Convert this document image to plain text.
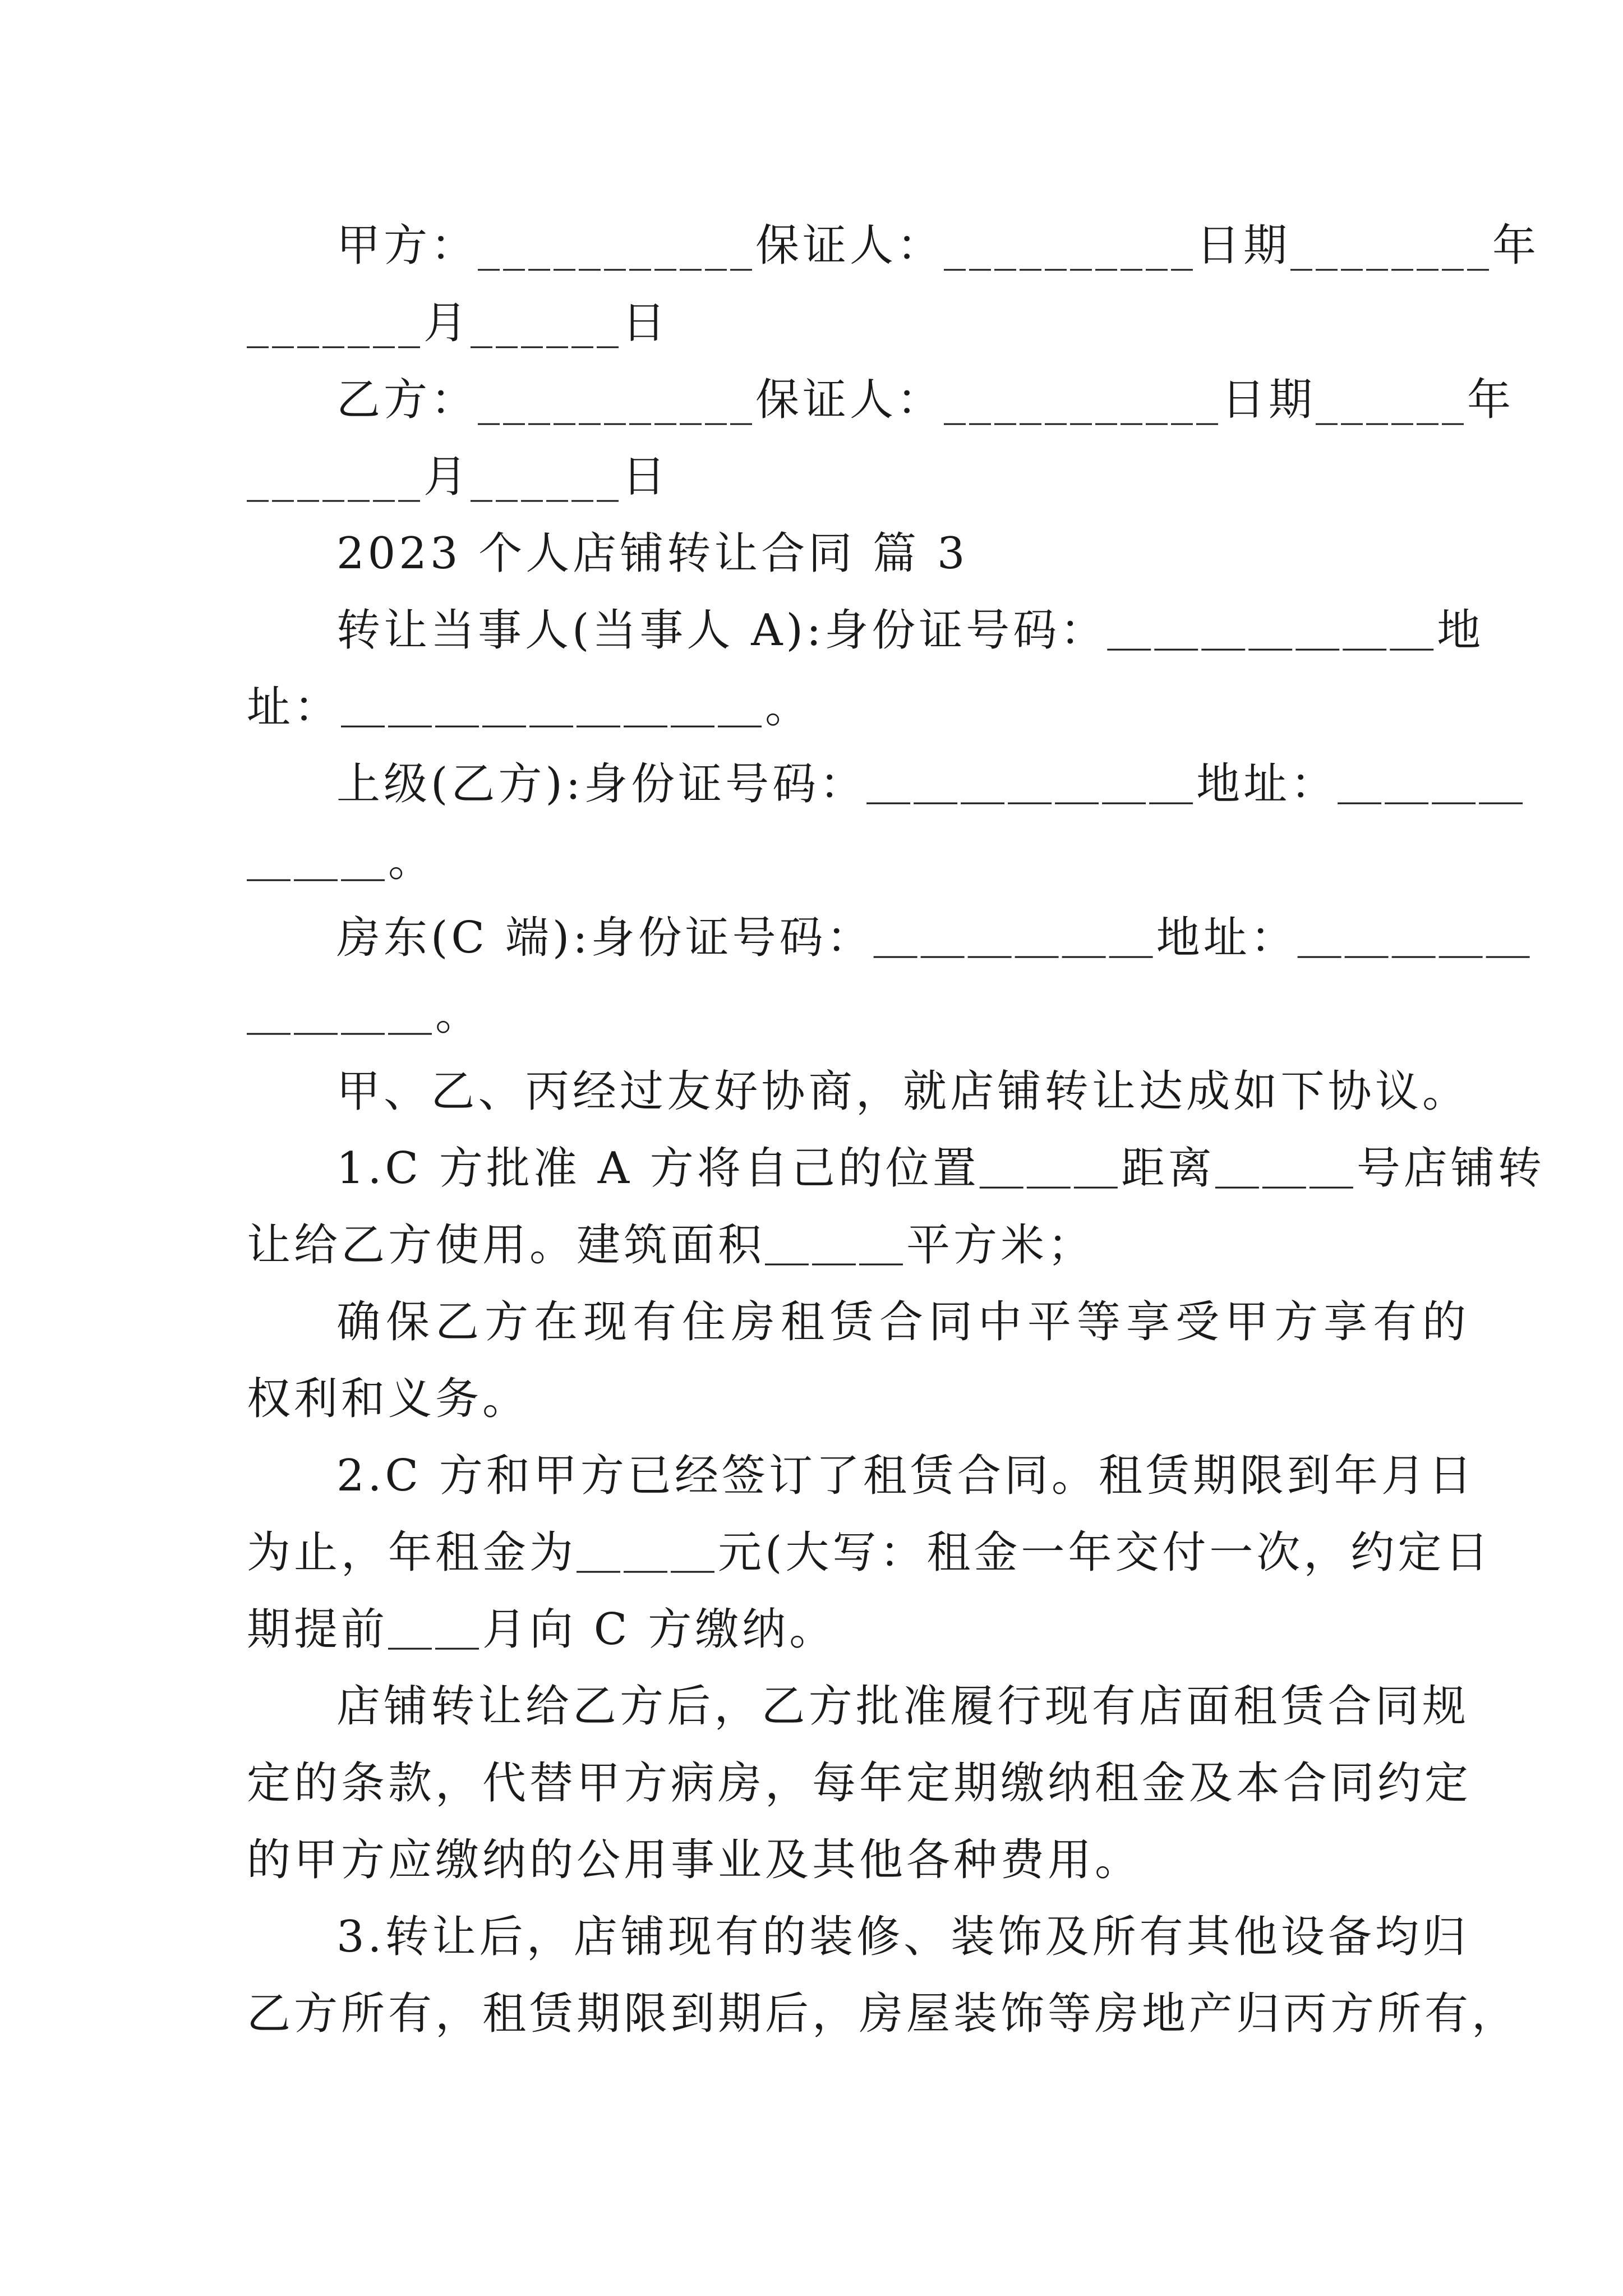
甲方：___________保证人：__________日期________年
_______月______日
乙方：___________保证人：___________日期______年
_______月______日
2023 个人店铺转让合同 篇 3
转让当事人(当事人 A):身份证号码：＿＿＿＿＿＿＿地
址：＿＿＿＿＿＿＿＿＿。
上级(乙方):身份证号码：＿＿＿＿＿＿＿地址：＿＿＿＿
＿＿＿。
房东(C 端):身份证号码：＿＿＿＿＿＿地址：＿＿＿＿＿
＿＿＿＿。
甲、乙、丙经过友好协商，就店铺转让达成如下协议。
1.C 方批准 A 方将自己的位置＿＿＿距离＿＿＿号店铺转
让给乙方使用。建筑面积＿＿＿平方米；
确保乙方在现有住房租赁合同中平等享受甲方享有的
权利和义务。
2.C 方和甲方已经签订了租赁合同。租赁期限到年月日
为止，年租金为＿＿＿元(大写：租金一年交付一次，约定日
期提前＿＿月向 C 方缴纳。
店铺转让给乙方后，乙方批准履行现有店面租赁合同规
定的条款，代替甲方病房，每年定期缴纳租金及本合同约定
的甲方应缴纳的公用事业及其他各种费用。
3.转让后，店铺现有的装修、装饰及所有其他设备均归
乙方所有，租赁期限到期后，房屋装饰等房地产归丙方所有，
